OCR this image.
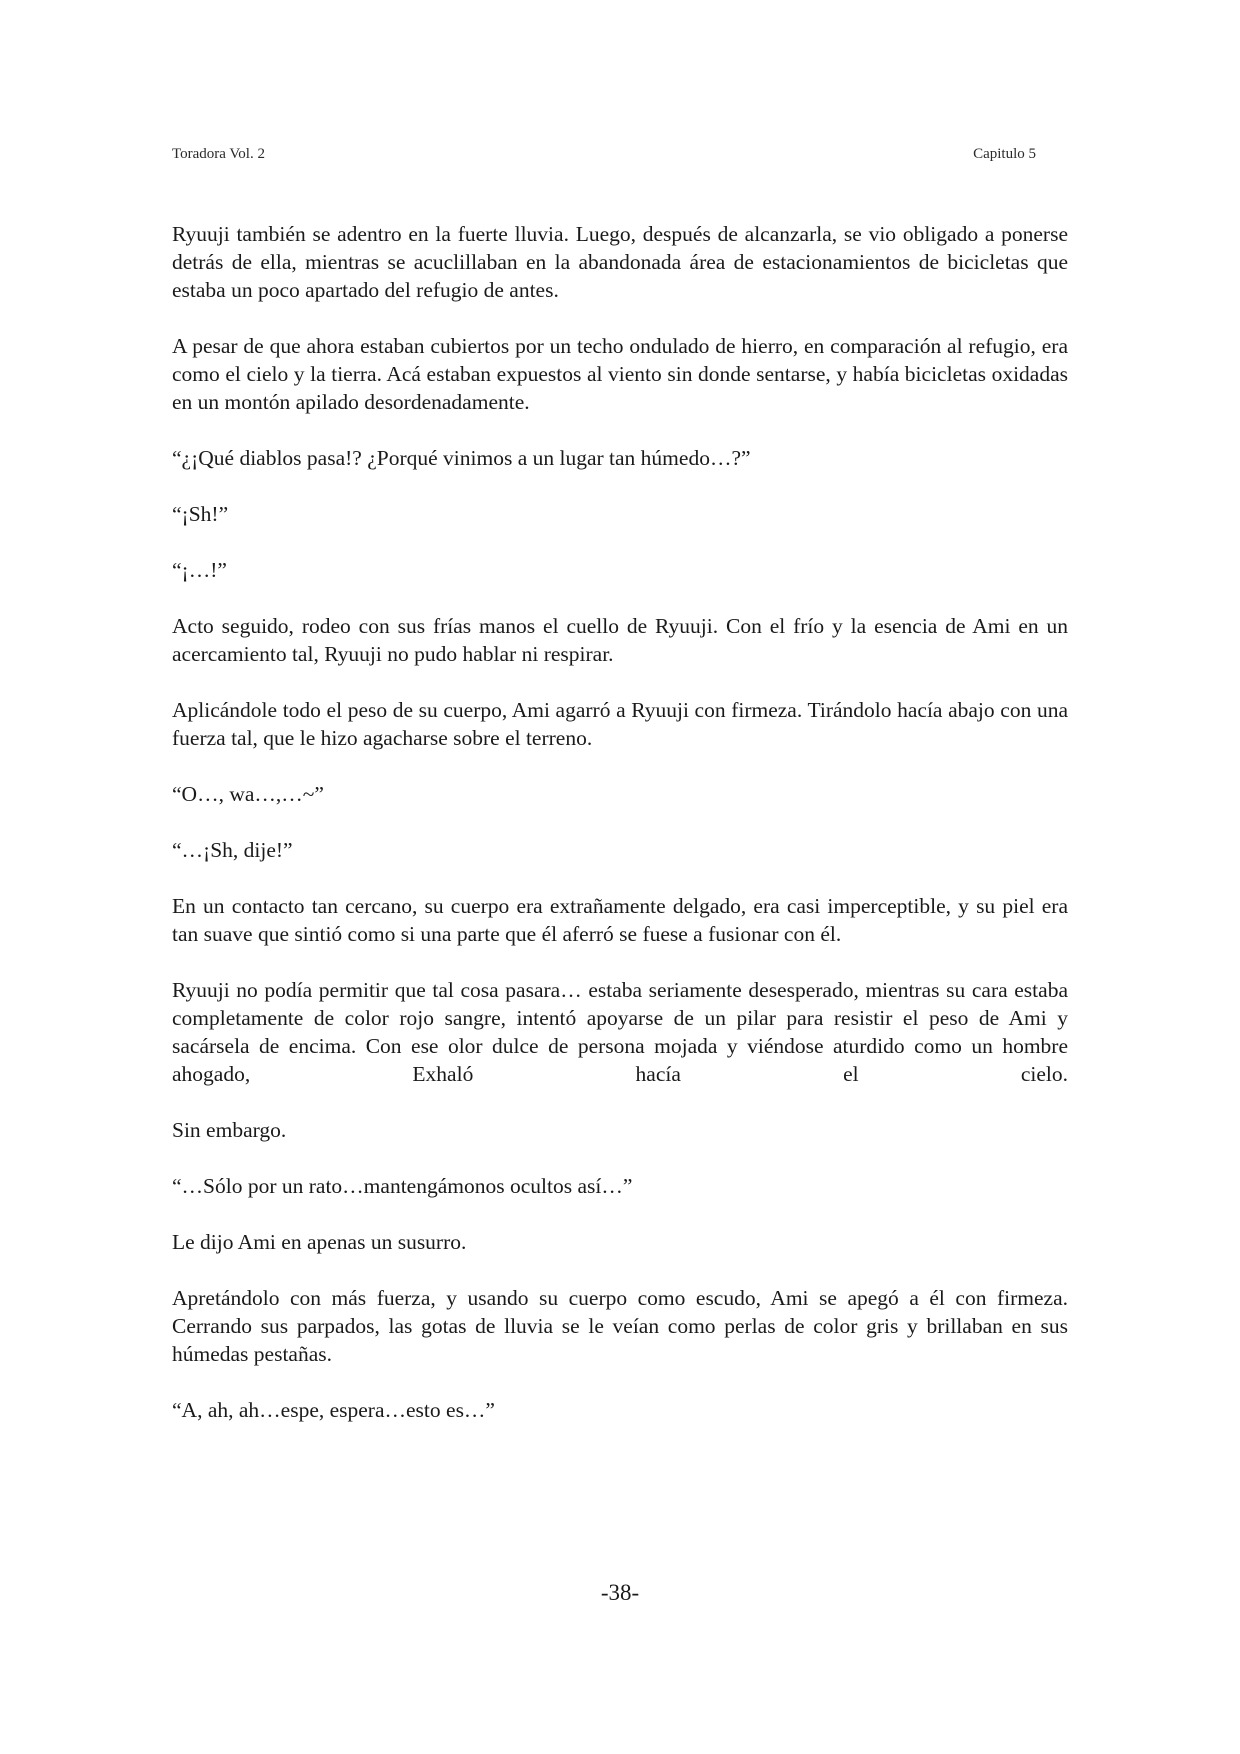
Toradora Vol. 2	Capitulo 5

Ryuuji también se adentro en la fuerte lluvia. Luego, después de alcanzarla, se vio obligado a ponerse detrás de ella, mientras se acuclillaban en la abandonada área de estacionamientos de bicicletas que estaba un poco apartado del refugio de antes.

A pesar de que ahora estaban cubiertos por un techo ondulado de hierro, en comparación al refugio, era como el cielo y la tierra. Acá estaban expuestos al viento sin donde sentarse, y había bicicletas oxidadas en un montón apilado desordenadamente.

“¿¡Qué diablos pasa!? ¿Porqué vinimos a un lugar tan húmedo…?”

“¡Sh!”

“¡…!”

Acto seguido, rodeo con sus frías manos el cuello de Ryuuji. Con el frío y la esencia de Ami en un acercamiento tal, Ryuuji no pudo hablar ni respirar.

Aplicándole todo el peso de su cuerpo, Ami agarró a Ryuuji con firmeza. Tirándolo hacía abajo con una fuerza tal, que le hizo agacharse sobre el terreno.

“O…, wa…,…~”

“…¡Sh, dije!”

En un contacto tan cercano, su cuerpo era extrañamente delgado, era casi imperceptible, y su piel era tan suave que sintió como si una parte que él aferró se fuese a fusionar con él.

Ryuuji no podía permitir que tal cosa pasara… estaba seriamente desesperado, mientras su cara estaba completamente de color rojo sangre, intentó apoyarse de un pilar para resistir el peso de Ami y sacársela de encima. Con ese olor dulce de persona mojada y viéndose aturdido como un hombre ahogado, Exhaló hacía el cielo.

Sin embargo.

“…Sólo por un rato…mantengámonos ocultos así…”

Le dijo Ami en apenas un susurro.

Apretándolo con más fuerza, y usando su cuerpo como escudo, Ami se apegó a él con firmeza. Cerrando sus parpados, las gotas de lluvia se le veían como perlas de color gris y brillaban en sus húmedas pestañas.

“A, ah, ah…espe, espera…esto es…”

-38-
